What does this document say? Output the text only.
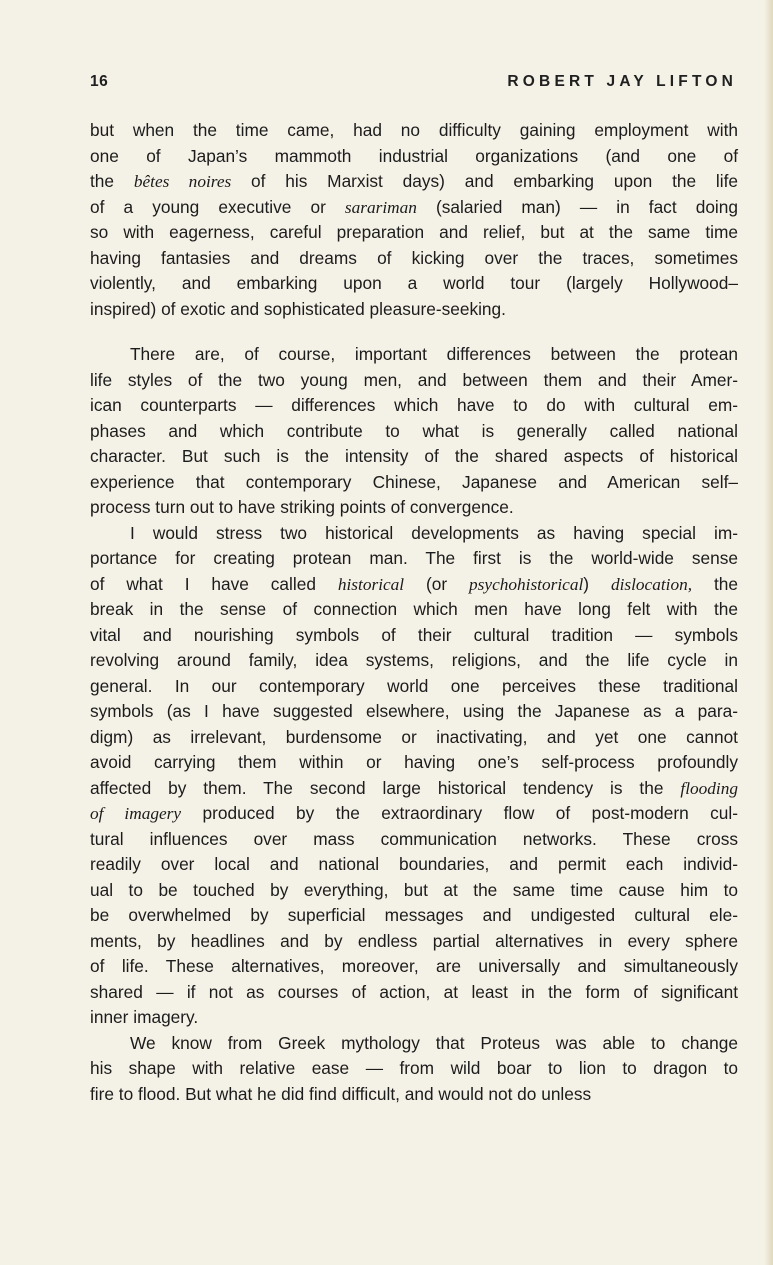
16	ROBERT JAY LIFTON
but when the time came, had no difficulty gaining employment with
one of Japan’s mammoth industrial organizations (and one of
the bêtes noires of his Marxist days) and embarking upon the life
of a young executive or sarariman (salaried man) — in fact doing
so with eagerness, careful preparation and relief, but at the same time
having fantasies and dreams of kicking over the traces, sometimes
violently, and embarking upon a world tour (largely Hollywood–
inspired) of exotic and sophisticated pleasure-seeking.
There are, of course, important differences between the protean
life styles of the two young men, and between them and their Amer-
ican counterparts — differences which have to do with cultural em-
phases and which contribute to what is generally called national
character. But such is the intensity of the shared aspects of historical
experience that contemporary Chinese, Japanese and American self–
process turn out to have striking points of convergence.
I would stress two historical developments as having special im-
portance for creating protean man. The first is the world-wide sense
of what I have called historical (or psychohistorical) dislocation, the
break in the sense of connection which men have long felt with the
vital and nourishing symbols of their cultural tradition — symbols
revolving around family, idea systems, religions, and the life cycle in
general. In our contemporary world one perceives these traditional
symbols (as I have suggested elsewhere, using the Japanese as a para-
digm) as irrelevant, burdensome or inactivating, and yet one cannot
avoid carrying them within or having one’s self-process profoundly
affected by them. The second large historical tendency is the flooding
of imagery produced by the extraordinary flow of post-modern cul-
tural influences over mass communication networks. These cross
readily over local and national boundaries, and permit each individ-
ual to be touched by everything, but at the same time cause him to
be overwhelmed by superficial messages and undigested cultural ele-
ments, by headlines and by endless partial alternatives in every sphere
of life. These alternatives, moreover, are universally and simultaneously
shared — if not as courses of action, at least in the form of significant
inner imagery.
We know from Greek mythology that Proteus was able to change
his shape with relative ease — from wild boar to lion to dragon to
fire to flood. But what he did find difficult, and would not do unless
